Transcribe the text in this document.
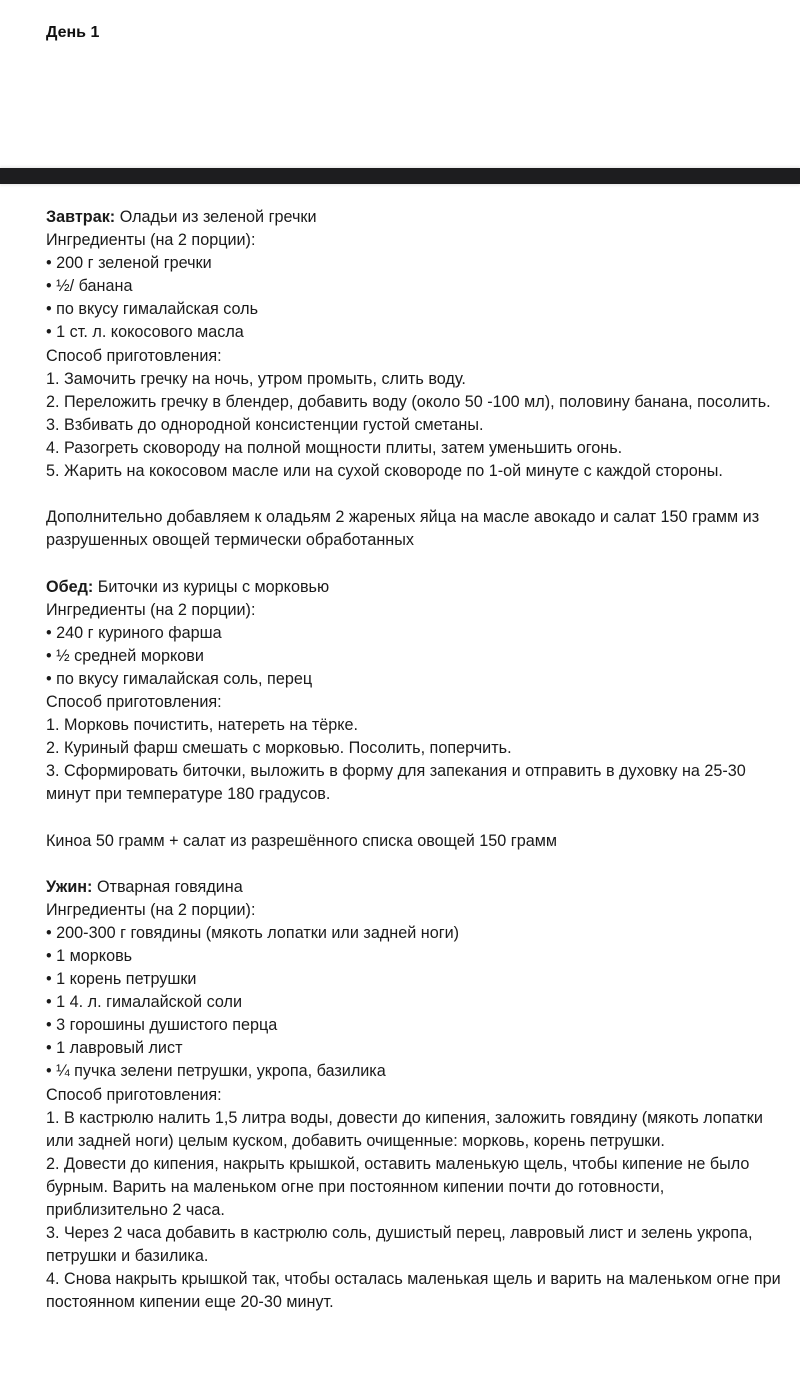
День 1

Завтрак: Оладьи из зеленой гречки

Ингредиенты (на 2 порции):

• 200 г зеленой гречки

• ½/ банана

• по вкусу гималайская соль

• 1 ст. л. кокосового масла

Способ приготовления:

1. Замочить гречку на ночь, утром промыть, слить воду.

2. Переложить гречку в блендер, добавить воду (около 50 -100 мл), половину банана, посолить.

3. Взбивать до однородной консистенции густой сметаны.

4. Разогреть сковороду на полной мощности плиты, затем уменьшить огонь.

5. Жарить на кокосовом масле или на сухой сковороде по 1-ой минуте с каждой стороны.

Дополнительно добавляем к оладьям 2 жареных яйца на масле авокадо и салат 150 грамм из разрушенных овощей термически обработанных

Обед: Биточки из курицы с морковью

Ингредиенты (на 2 порции):

• 240 г куриного фарша

• ½ средней моркови

• по вкусу гималайская соль, перец

Способ приготовления:

1. Морковь почистить, натереть на тёрке.

2. Куриный фарш смешать с морковью. Посолить, поперчить.

3. Сформировать биточки, выложить в форму для запекания и отправить в духовку на 25-30 минут при температуре 180 градусов.

Киноа 50 грамм + салат из разрешённого списка овощей 150 грамм

Ужин: Отварная говядина

Ингредиенты (на 2 порции):

• 200-300 г говядины (мякоть лопатки или задней ноги)

• 1 морковь

• 1 корень петрушки

• 1 4. л. гималайской соли

• 3 горошины душистого перца

• 1 лавровый лист

• ¼ пучка зелени петрушки, укропа, базилика

Способ приготовления:

1. В кастрюлю налить 1,5 литра воды, довести до кипения, заложить говядину (мякоть лопатки или задней ноги) целым куском, добавить очищенные: морковь, корень петрушки.

2. Довести до кипения, накрыть крышкой, оставить маленькую щель, чтобы кипение не было бурным. Варить на маленьком огне при постоянном кипении почти до готовности, приблизительно 2 часа.

3. Через 2 часа добавить в кастрюлю соль, душистый перец, лавровый лист и зелень укропа, петрушки и базилика.

4. Снова накрыть крышкой так, чтобы осталась маленькая щель и варить на маленьком огне при постоянном кипении еще 20-30 минут.
